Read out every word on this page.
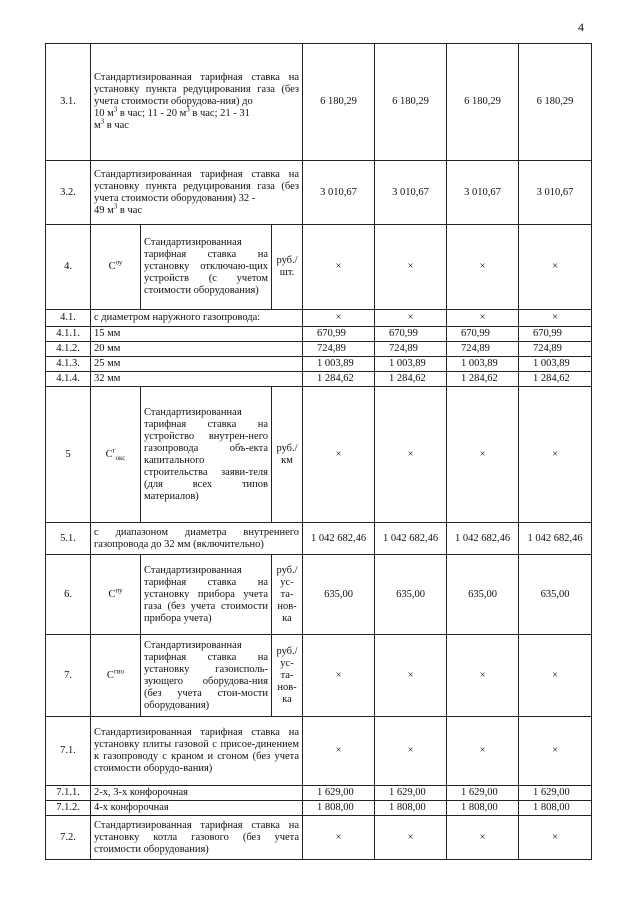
4
3.1.	Стандартизированная тарифная ставка на установку пункта редуцирования газа (без учета стоимости оборудова-ния) до
10 $м^3$ в час; 11 - 20 $м^3$ в час; 21 - 31
$м^3$ в час			6 180,29	6 180,29	6 180,29	6 180,29
3.2.	Стандартизированная тарифная ставка на установку пункта редуцирования газа (без учета стоимости оборудования) 32 -
49 $м^3$ в час			3 010,67	3 010,67	3 010,67	3 010,67
4.	$С^{оу}$	Стандартизированная тарифная ставка на установку отключаю-щих устройств (с учетом стоимости оборудования)	руб./ шт.	×	×	×	×
4.1.	с диаметром наружного газопровода:			×	×	×	×
4.1.1.	15 мм			670,99	670,99	670,99	670,99
4.1.2.	20 мм			724,89	724,89	724,89	724,89
4.1.3.	25 мм			1 003,89	1 003,89	1 003,89	1 003,89
4.1.4.	32 мм			1 284,62	1 284,62	1 284,62	1 284,62
5	$С^г_{окс}$	Стандартизированная тарифная ставка на устройство внутрен-него газопровода объ-екта капитального строительства заяви-теля (для всех типов материалов)	руб./ км	×	×	×	×
5.1.	с диапазоном диаметра внутреннего газопровода до 32 мм (включительно)			1 042 682,46	1 042 682,46	1 042 682,46	1 042 682,46
6.	$С^{пу}$	Стандартизированная тарифная ставка на установку прибора учета газа (без учета стоимости прибора учета)	руб./ ус-та-нов-ка	635,00	635,00	635,00	635,00
7.	$С^{гио}$	Стандартизированная тарифная ставка на установку газоисполь-зующего оборудова-ния (без учета стои-мости оборудования)	руб./ ус-та-нов-ка	×	×	×	×
7.1.	Стандартизированная тарифная ставка на установку плиты газовой с присое-динением к газопроводу с краном и сгоном (без учета стоимости оборудо-вания)			×	×	×	×
7.1.1.	2-х, 3-х конфорочная			1 629,00	1 629,00	1 629,00	1 629,00
7.1.2.	4-х конфорочная			1 808,00	1 808,00	1 808,00	1 808,00
7.2.	Стандартизированная тарифная ставка на установку котла газового (без учета стоимости оборудования)			×	×	×	×
